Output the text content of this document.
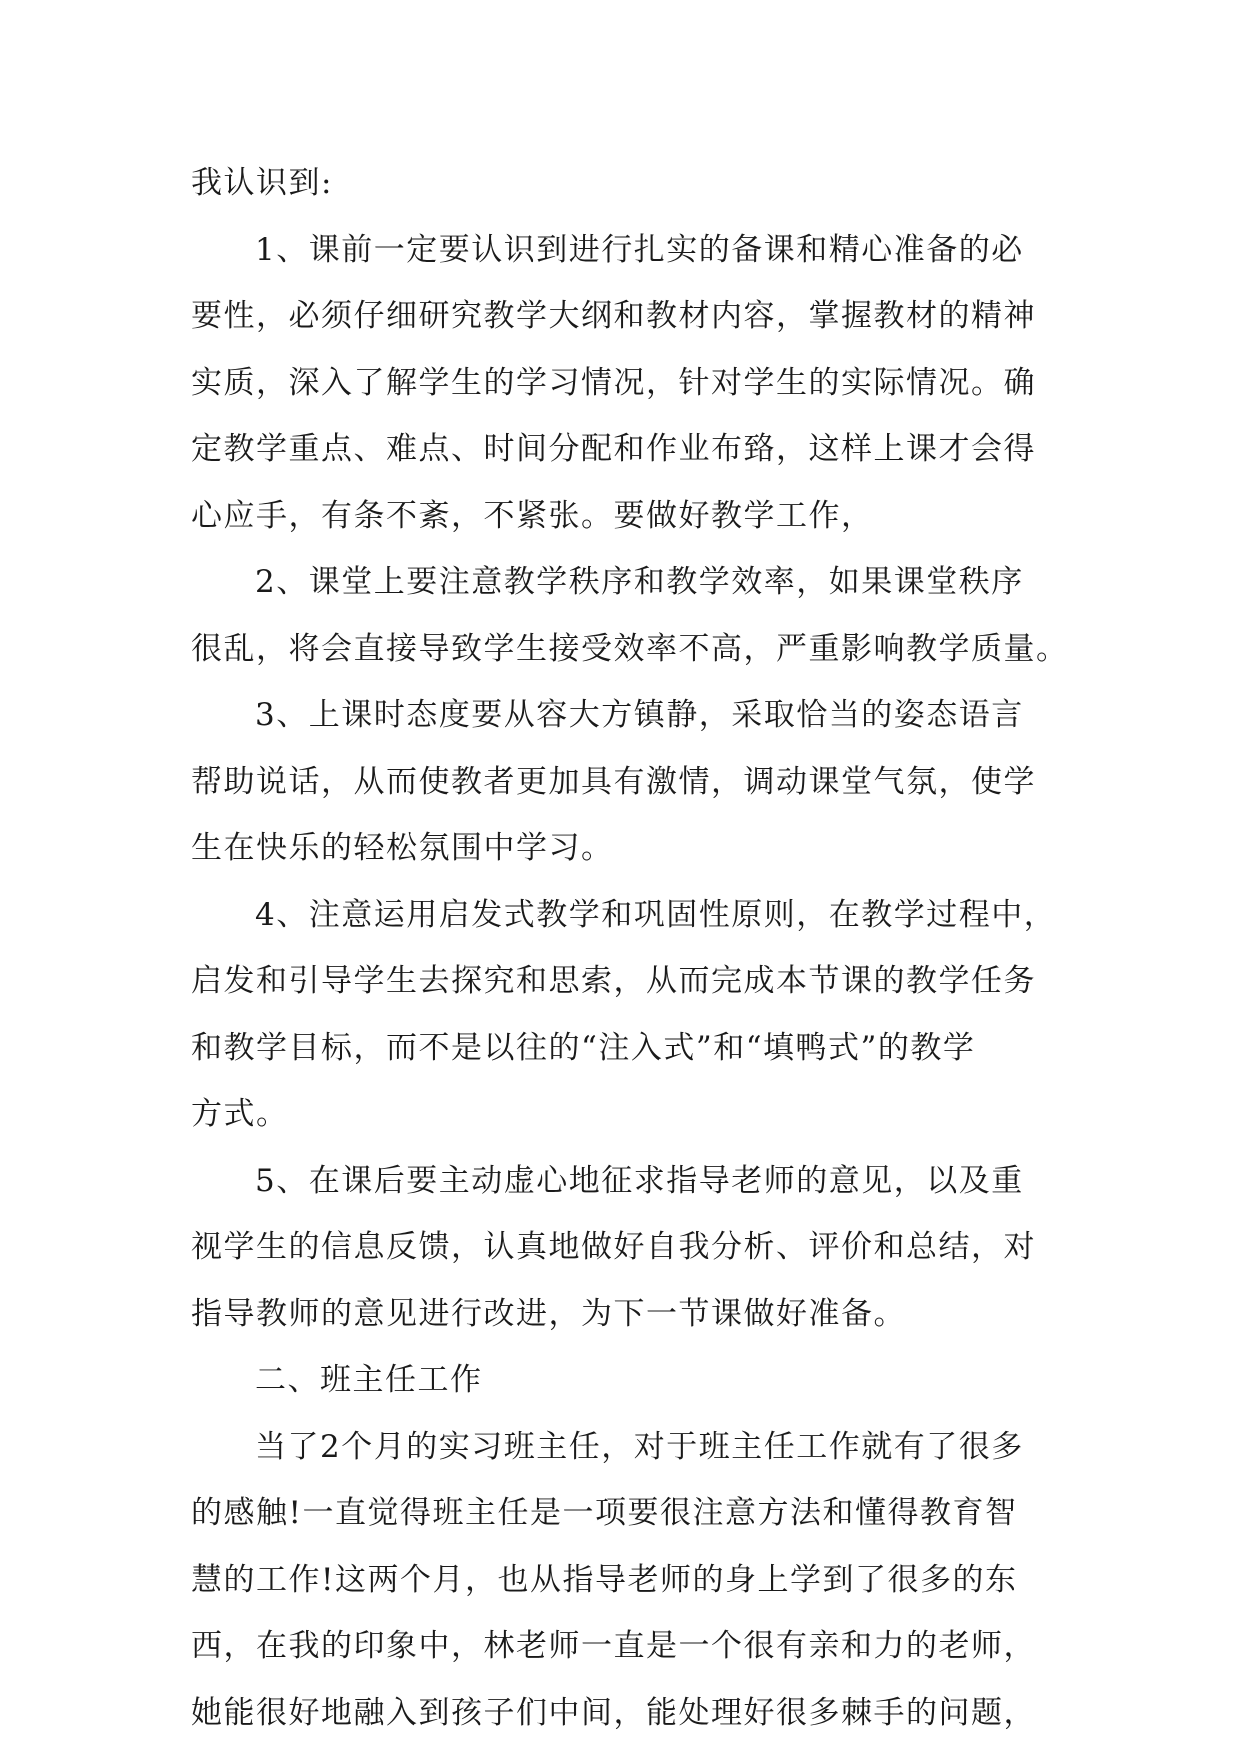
我认识到:
1、课前一定要认识到进行扎实的备课和精心准备的必
要性，必须仔细研究教学大纲和教材内容，掌握教材的精神
实质，深入了解学生的学习情况，针对学生的实际情况。确
定教学重点、难点、时间分配和作业布臵，这样上课才会得
心应手，有条不紊，不紧张。要做好教学工作，
2、课堂上要注意教学秩序和教学效率，如果课堂秩序
很乱，将会直接导致学生接受效率不高，严重影响教学质量。
3、上课时态度要从容大方镇静，采取恰当的姿态语言
帮助说话，从而使教者更加具有激情，调动课堂气氛，使学
生在快乐的轻松氛围中学习。
4、注意运用启发式教学和巩固性原则，在教学过程中，
启发和引导学生去探究和思索，从而完成本节课的教学任务
和教学目标，而不是以往的“注入式”和“填鸭式”的教学
方式。
5、在课后要主动虚心地征求指导老师的意见，以及重
视学生的信息反馈，认真地做好自我分析、评价和总结，对
指导教师的意见进行改进，为下一节课做好准备。
二、班主任工作
当了2个月的实习班主任，对于班主任工作就有了很多
的感触!一直觉得班主任是一项要很注意方法和懂得教育智
慧的工作!这两个月，也从指导老师的身上学到了很多的东
西，在我的印象中，林老师一直是一个很有亲和力的老师，
她能很好地融入到孩子们中间，能处理好很多棘手的问题，
